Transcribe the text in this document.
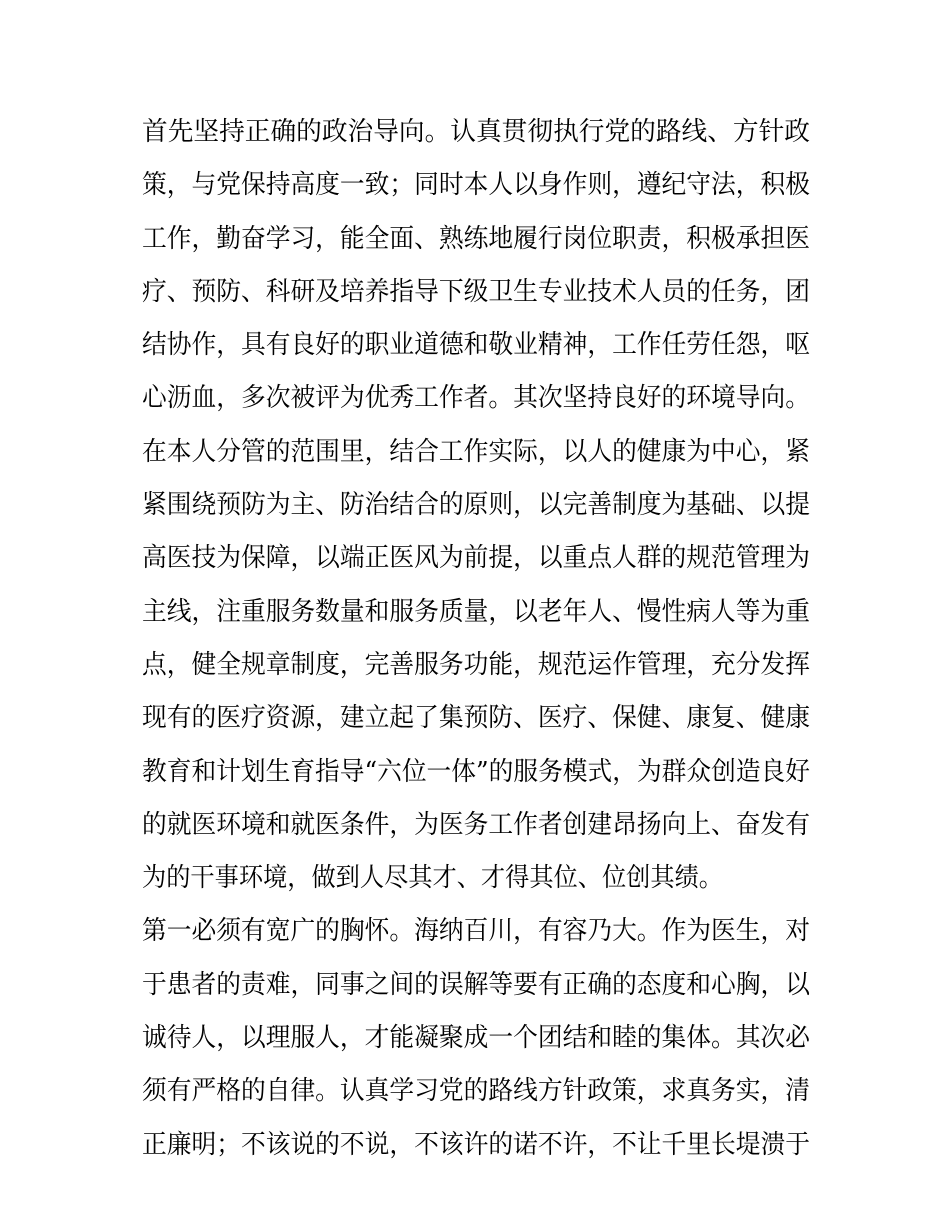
首先坚持正确的政治导向。认真贯彻执行党的路线、方针政
策，与党保持高度一致；同时本人以身作则，遵纪守法，积极
工作，勤奋学习，能全面、熟练地履行岗位职责，积极承担医
疗、预防、科研及培养指导下级卫生专业技术人员的任务，团
结协作，具有良好的职业道德和敬业精神，工作任劳任怨，呕
心沥血，多次被评为优秀工作者。其次坚持良好的环境导向。
在本人分管的范围里，结合工作实际，以人的健康为中心，紧
紧围绕预防为主、防治结合的原则，以完善制度为基础、以提
高医技为保障，以端正医风为前提，以重点人群的规范管理为
主线，注重服务数量和服务质量，以老年人、慢性病人等为重
点，健全规章制度，完善服务功能，规范运作管理，充分发挥
现有的医疗资源，建立起了集预防、医疗、保健、康复、健康
教育和计划生育指导“六位一体”的服务模式，为群众创造良好
的就医环境和就医条件，为医务工作者创建昂扬向上、奋发有
为的干事环境，做到人尽其才、才得其位、位创其绩。
第一必须有宽广的胸怀。海纳百川，有容乃大。作为医生，对
于患者的责难，同事之间的误解等要有正确的态度和心胸，以
诚待人，以理服人，才能凝聚成一个团结和睦的集体。其次必
须有严格的自律。认真学习党的路线方针政策，求真务实，清
正廉明；不该说的不说，不该许的诺不许，不让千里长堤溃于
